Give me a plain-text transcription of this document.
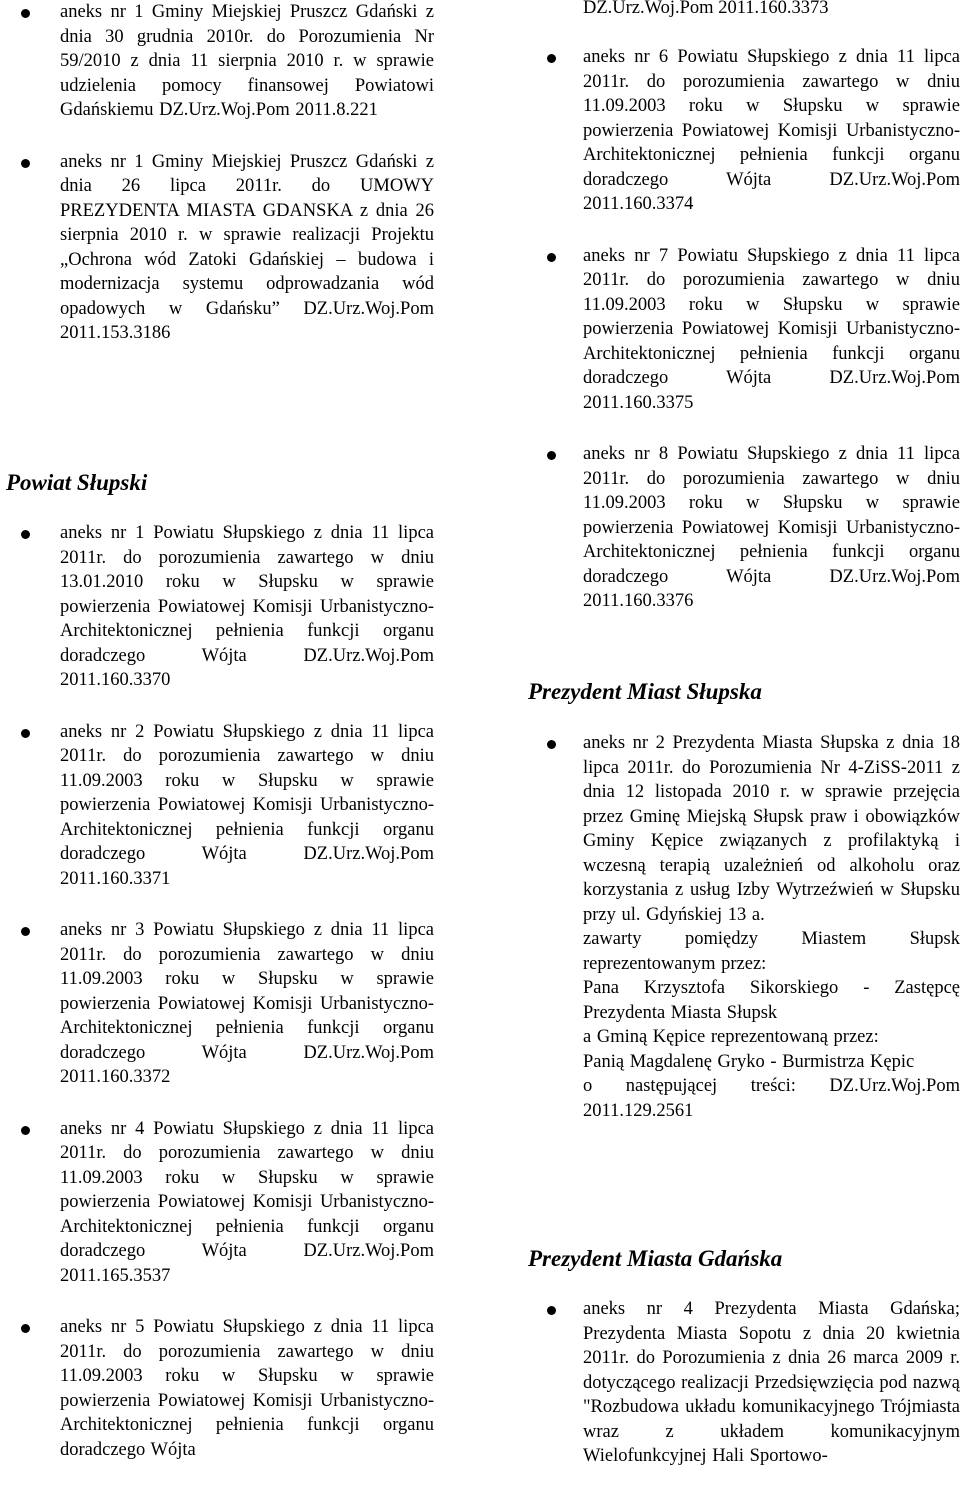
aneks nr 1 Gminy Miejskiej Pruszcz Gdański z dnia 30 grudnia 2010r. do Porozumienia Nr 59/2010 z dnia 11 sierpnia 2010 r. w sprawie udzielenia pomocy finansowej Powiatowi Gdańskiemu DZ.Urz.Woj.Pom 2011.8.221
aneks nr 1 Gminy Miejskiej Pruszcz Gdański z dnia 26 lipca 2011r. do UMOWY PREZYDENTA MIASTA GDANSKA z dnia 26 sierpnia 2010 r. w sprawie realizacji Projektu „Ochrona wód Zatoki Gdańskiej – budowa i modernizacja systemu odprowadzania wód opadowych w Gdańsku” DZ.Urz.Woj.Pom 2011.153.3186
Powiat Słupski
aneks nr 1 Powiatu Słupskiego z dnia 11 lipca 2011r. do porozumienia zawartego w dniu 13.01.2010 roku w Słupsku w sprawie powierzenia Powiatowej Komisji Urbanistyczno-Architektonicznej pełnienia funkcji organu doradczego Wójta DZ.Urz.Woj.Pom 2011.160.3370
aneks nr 2 Powiatu Słupskiego z dnia 11 lipca 2011r. do porozumienia zawartego w dniu 11.09.2003 roku w Słupsku w sprawie powierzenia Powiatowej Komisji Urbanistyczno-Architektonicznej pełnienia funkcji organu doradczego Wójta DZ.Urz.Woj.Pom 2011.160.3371
aneks nr 3 Powiatu Słupskiego z dnia 11 lipca 2011r. do porozumienia zawartego w dniu 11.09.2003 roku w Słupsku w sprawie powierzenia Powiatowej Komisji Urbanistyczno-Architektonicznej pełnienia funkcji organu doradczego Wójta DZ.Urz.Woj.Pom 2011.160.3372
aneks nr 4 Powiatu Słupskiego z dnia 11 lipca 2011r. do porozumienia zawartego w dniu 11.09.2003 roku w Słupsku w sprawie powierzenia Powiatowej Komisji Urbanistyczno-Architektonicznej pełnienia funkcji organu doradczego Wójta DZ.Urz.Woj.Pom 2011.165.3537
aneks nr 5 Powiatu Słupskiego z dnia 11 lipca 2011r. do porozumienia zawartego w dniu 11.09.2003 roku w Słupsku w sprawie powierzenia Powiatowej Komisji Urbanistyczno-Architektonicznej pełnienia funkcji organu doradczego Wójta
DZ.Urz.Woj.Pom 2011.160.3373
aneks nr 6 Powiatu Słupskiego z dnia 11 lipca 2011r. do porozumienia zawartego w dniu 11.09.2003 roku w Słupsku w sprawie powierzenia Powiatowej Komisji Urbanistyczno-Architektonicznej pełnienia funkcji organu doradczego Wójta DZ.Urz.Woj.Pom 2011.160.3374
aneks nr 7 Powiatu Słupskiego z dnia 11 lipca 2011r. do porozumienia zawartego w dniu 11.09.2003 roku w Słupsku w sprawie powierzenia Powiatowej Komisji Urbanistyczno-Architektonicznej pełnienia funkcji organu doradczego Wójta DZ.Urz.Woj.Pom 2011.160.3375
aneks nr 8 Powiatu Słupskiego z dnia 11 lipca 2011r. do porozumienia zawartego w dniu 11.09.2003 roku w Słupsku w sprawie powierzenia Powiatowej Komisji Urbanistyczno-Architektonicznej pełnienia funkcji organu doradczego Wójta DZ.Urz.Woj.Pom 2011.160.3376
Prezydent Miast Słupska
aneks nr 2 Prezydenta Miasta Słupska z dnia 18 lipca 2011r. do Porozumienia Nr 4-ZiSS-2011 z dnia 12 listopada 2010 r. w sprawie przejęcia przez Gminę Miejską Słupsk praw i obowiązków Gminy Kępice związanych z profilaktyką i wczesną terapią uzależnień od alkoholu oraz korzystania z usług Izby Wytrzeźwień w Słupsku przy ul. Gdyńskiej 13 a.
zawarty pomiędzy Miastem Słupsk reprezentowanym przez:
Pana Krzysztofa Sikorskiego - Zastępcę Prezydenta Miasta Słupsk
a Gminą Kępice reprezentowaną przez:
Panią Magdalenę Gryko - Burmistrza Kępic
o następującej treści: DZ.Urz.Woj.Pom 2011.129.2561
Prezydent Miasta Gdańska
aneks nr 4 Prezydenta Miasta Gdańska; Prezydenta Miasta Sopotu z dnia 20 kwietnia 2011r. do Porozumienia z dnia 26 marca 2009 r. dotyczącego realizacji Przedsięwzięcia pod nazwą "Rozbudowa układu komunikacyjnego Trójmiasta wraz z układem komunikacyjnym Wielofunkcyjnej Hali Sportowo-
